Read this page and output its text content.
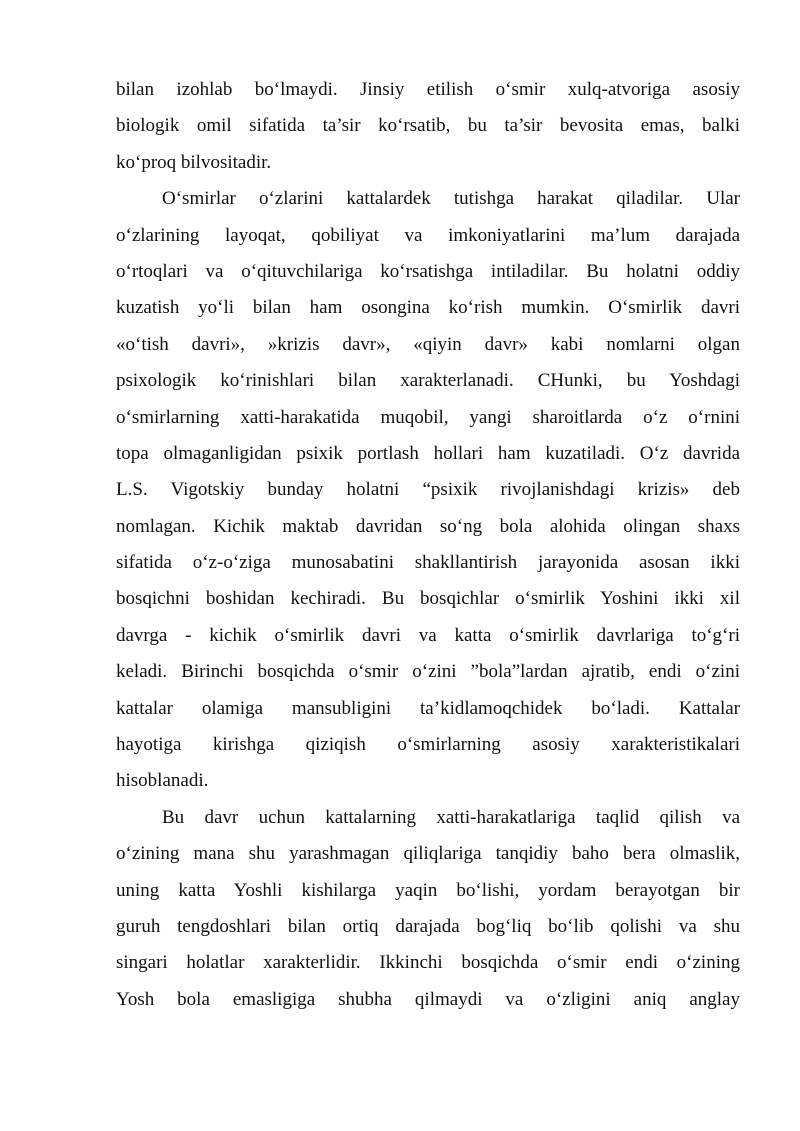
bilan izohlab bo‘lmaydi. Jinsiy etilish o‘smir xulq-atvoriga asosiy
biologik omil sifatida ta’sir ko‘rsatib, bu ta’sir bevosita emas, balki
ko‘proq bilvositadir.
O‘smirlar o‘zlarini kattalardek tutishga harakat qiladilar. Ular
o‘zlarining layoqat, qobiliyat va imkoniyatlarini ma’lum darajada
o‘rtoqlari va o‘qituvchilariga ko‘rsatishga intiladilar. Bu holatni oddiy
kuzatish yo‘li bilan ham osongina ko‘rish mumkin. O‘smirlik davri
«o‘tish davri», »krizis davr», «qiyin davr» kabi nomlarni olgan
psixologik ko‘rinishlari bilan xarakterlanadi. CHunki, bu Yoshdagi
o‘smirlarning xatti-harakatida muqobil, yangi sharoitlarda o‘z o‘rnini
topa olmaganligidan psixik portlash hollari ham kuzatiladi. O‘z davrida
L.S. Vigotskiy bunday holatni “psixik rivojlanishdagi krizis» deb
nomlagan. Kichik maktab davridan so‘ng bola alohida olingan shaxs
sifatida o‘z-o‘ziga munosabatini shakllantirish jarayonida asosan ikki
bosqichni boshidan kechiradi. Bu bosqichlar o‘smirlik Yoshini ikki xil
davrga - kichik o‘smirlik davri va katta o‘smirlik davrlariga to‘g‘ri
keladi. Birinchi bosqichda o‘smir o‘zini ”bola”lardan ajratib, endi o‘zini
kattalar olamiga mansubligini ta’kidlamoqchidek bo‘ladi. Kattalar
hayotiga kirishga qiziqish o‘smirlarning asosiy xarakteristikalari
hisoblanadi.
Bu davr uchun kattalarning xatti-harakatlariga taqlid qilish va
o‘zining mana shu yarashmagan qiliqlariga tanqidiy baho bera olmaslik,
uning katta Yoshli kishilarga yaqin bo‘lishi, yordam berayotgan bir
guruh tengdoshlari bilan ortiq darajada bog‘liq bo‘lib qolishi va shu
singari holatlar xarakterlidir. Ikkinchi bosqichda o‘smir endi o‘zining
Yosh bola emasligiga shubha qilmaydi va o‘zligini aniq anglay
